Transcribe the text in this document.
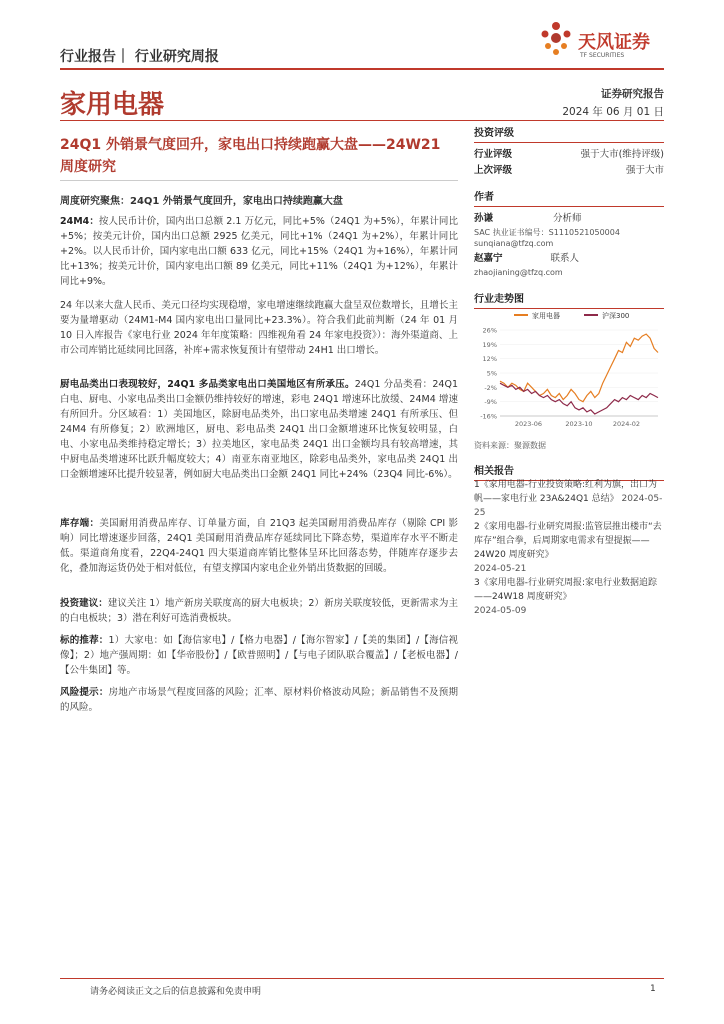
行业报告｜ 行业研究周报
天风证券
TF SECURITIES
家用电器	证券研究报告
2024 年 06 月 01 日
24Q1 外销景气度回升，家电出口持续跑赢大盘——24W21 周度研究
周度研究聚焦：24Q1 外销景气度回升，家电出口持续跑赢大盘
24M4：按人民币计价，国内出口总额 2.1 万亿元，同比+5%（24Q1 为+5%），年累计同比+5%；按美元计价，国内出口总额 2925 亿美元，同比+1%（24Q1 为+2%），年累计同比+2%。以人民币计价，国内家电出口额 633 亿元，同比+15%（24Q1 为+16%），年累计同比+13%；按美元计价，国内家电出口额 89 亿美元，同比+11%（24Q1 为+12%），年累计同比+9%。
24 年以来大盘人民币、美元口径均实现稳增，家电增速继续跑赢大盘呈双位数增长，且增长主要为量增驱动（24M1-M4 国内家电出口量同比+23.3%）。符合我们此前判断（24 年 01 月 10 日入库报告《家电行业 2024 年年度策略：四维视角看 24 年家电投资》）：海外渠道商、上市公司库销比延续同比回落，补库+需求恢复预计有望带动 24H1 出口增长。
厨电品类出口表现较好，24Q1 多品类家电出口美国地区有所承压。24Q1 分品类看：24Q1 白电、厨电、小家电品类出口金额仍维持较好的增速，彩电 24Q1 增速环比放缓、24M4 增速有所回升。分区域看：1）美国地区，除厨电品类外，出口家电品类增速 24Q1 有所承压、但 24M4 有所修复；2）欧洲地区，厨电、彩电品类 24Q1 出口金额增速环比恢复较明显，白电、小家电品类维持稳定增长；3）拉美地区，家电品类 24Q1 出口金额均具有较高增速，其中厨电品类增速环比跃升幅度较大；4）南亚东南亚地区，除彩电品类外，家电品类 24Q1 出口金额增速环比提升较显著，例如厨大电品类出口金额 24Q1 同比+24%（23Q4 同比-6%）。
库存端：美国耐用消费品库存、订单量方面，自 21Q3 起美国耐用消费品库存（剔除 CPI 影响）同比增速逐步回落，24Q1 美国耐用消费品库存延续同比下降态势，渠道库存水平不断走低。渠道商角度看，22Q4-24Q1 四大渠道商库销比整体呈环比回落态势，伴随库存逐步去化，叠加海运货仍处于相对低位，有望支撑国内家电企业外销出货数据的回暖。
投资建议：建议关注 1）地产新房关联度高的厨大电板块；2）新房关联度较低，更新需求为主的白电板块；3）潜在利好可选消费板块。
标的推荐：1）大家电：如【海信家电】/【格力电器】/【海尔智家】/【美的集团】/【海信视像】；2）地产强周期：如【华帝股份】/【欧普照明】/【与电子团队联合覆盖】/【老板电器】/【公牛集团】等。
风险提示：房地产市场景气程度回落的风险；汇率、原材料价格波动风险；新品销售不及预期的风险。
投资评级
行业评级	强于大市(维持评级)
上次评级	强于大市
作者
孙谦	分析师
SAC 执业证书编号：S1110521050004
sunqiana@tfzq.com
赵嘉宁	联系人
zhaojianing@tfzq.com
行业走势图
家用电器	沪深300
26%
19%
12%
5%
-2%
-9%
-16%
2023-06	2023-10	2024-02
资料来源：聚源数据
相关报告
1《家用电器-行业投资策略:红利为旗，出口为帆——家电行业 23A&24Q1 总结》 2024-05-25
2《家用电器-行业研究周报:监管层推出楼市“去库存”组合拳，后周期家电需求有望提振——24W20 周度研究》
2024-05-21
3《家用电器-行业研究周报:家电行业数据追踪——24W18 周度研究》
2024-05-09
请务必阅读正文之后的信息披露和免责申明	1
